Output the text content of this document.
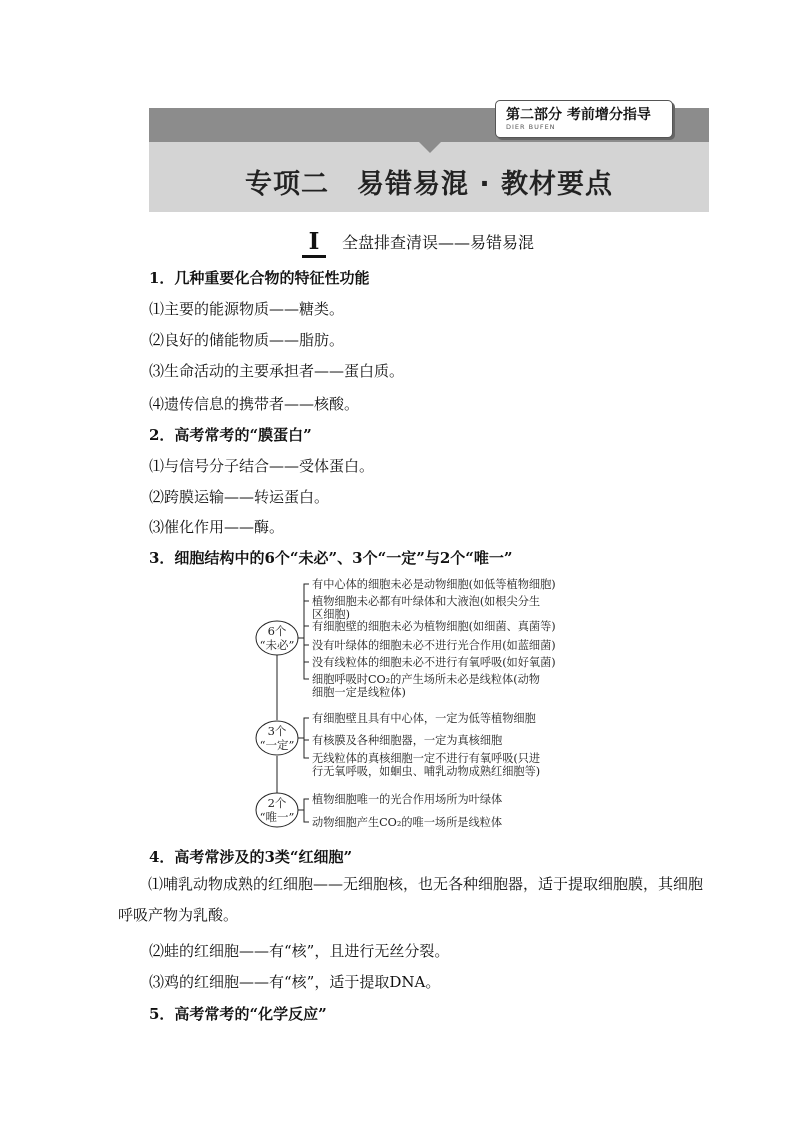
第二部分 考前增分指导
DIER BUFEN
专项二　易错易混 · 教材要点
I	全盘排查清误——易错易混
1．几种重要化合物的特征性功能
⑴主要的能源物质——糖类。
⑵良好的储能物质——脂肪。
⑶生命活动的主要承担者——蛋白质。
⑷遗传信息的携带者——核酸。
2．高考常考的“膜蛋白”
⑴与信号分子结合——受体蛋白。
⑵跨膜运输——转运蛋白。
⑶催化作用——酶。
3．细胞结构中的6个“未必”、3个“一定”与2个“唯一”
6个
“未必”
3个
“一定”
2个
“唯一”
有中心体的细胞未必是动物细胞(如低等植物细胞)
植物细胞未必都有叶绿体和大液泡(如根尖分生
区细胞)
有细胞壁的细胞未必为植物细胞(如细菌、真菌等)
没有叶绿体的细胞未必不进行光合作用(如蓝细菌)
没有线粒体的细胞未必不进行有氧呼吸(如好氧菌)
细胞呼吸时CO₂的产生场所未必是线粒体(动物
细胞一定是线粒体)
有细胞壁且具有中心体，一定为低等植物细胞
有核膜及各种细胞器，一定为真核细胞
无线粒体的真核细胞一定不进行有氧呼吸(只进
行无氧呼吸，如蛔虫、哺乳动物成熟红细胞等)
植物细胞唯一的光合作用场所为叶绿体
动物细胞产生CO₂的唯一场所是线粒体
4．高考常涉及的3类“红细胞”
⑴哺乳动物成熟的红细胞——无细胞核，也无各种细胞器，适于提取细胞膜，其细胞呼吸产物为乳酸。
⑵蛙的红细胞——有“核”，且进行无丝分裂。
⑶鸡的红细胞——有“核”，适于提取DNA。
5．高考常考的“化学反应”
